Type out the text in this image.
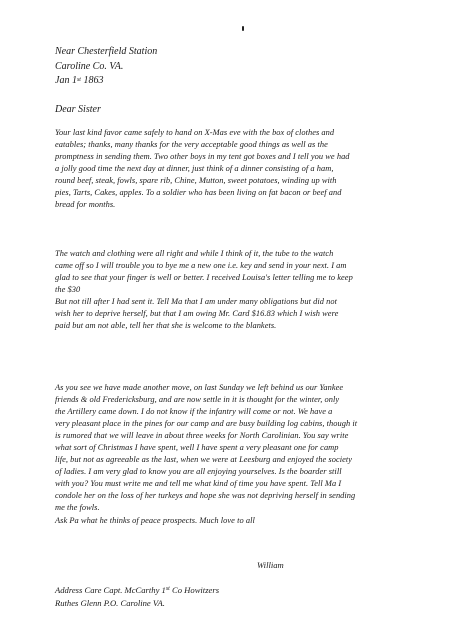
Near Chesterfield Station
Caroline Co. VA.
Jan 1st 1863
Dear Sister
Your last kind favor came safely to hand on X-Mas eve with the box of clothes and
eatables; thanks, many thanks for the very acceptable good things as well as the
promptness in sending them. Two other boys in my tent got boxes and I tell you we had
a jolly good time the next day at dinner, just think of a dinner consisting of a ham,
round beef, steak, fowls, spare rib, Chine, Mutton, sweet potatoes, winding up with
pies, Tarts, Cakes, apples. To a soldier who has been living on fat bacon or beef and
bread for months.
The watch and clothing were all right and while I think of it, the tube to the watch
came off so I will trouble you to bye me a new one i.e. key and send in your next. I am
glad to see that your finger is well or better. I received Louisa's letter telling me to keep
the $30
But not till after I had sent it. Tell Ma that I am under many obligations but did not
wish her to deprive herself, but that I am owing Mr. Card $16.83 which I wish were
paid but am not able, tell her that she is welcome to the blankets.
As you see we have made another move, on last Sunday we left behind us our Yankee
friends & old Fredericksburg, and are now settle in it is thought for the winter, only
the Artillery came down. I do not know if the infantry will come or not. We have a
very pleasant place in the pines for our camp and are busy building log cabins, though it
is rumored that we will leave in about three weeks for North Carolinian. You say write
what sort of Christmas I have spent, well I have spent a very pleasant one for camp
life, but not as agreeable as the last, when we were at Leesburg and enjoyed the society
of ladies. I am very glad to know you are all enjoying yourselves. Is the boarder still
with you? You must write me and tell me what kind of time you have spent. Tell Ma I
condole her on the loss of her turkeys and hope she was not depriving herself in sending
me the fowls.
Ask Pa what he thinks of peace prospects. Much love to all
William
Address Care Capt. McCarthy 1st Co Howitzers
Ruthes Glenn P.O. Caroline VA.
